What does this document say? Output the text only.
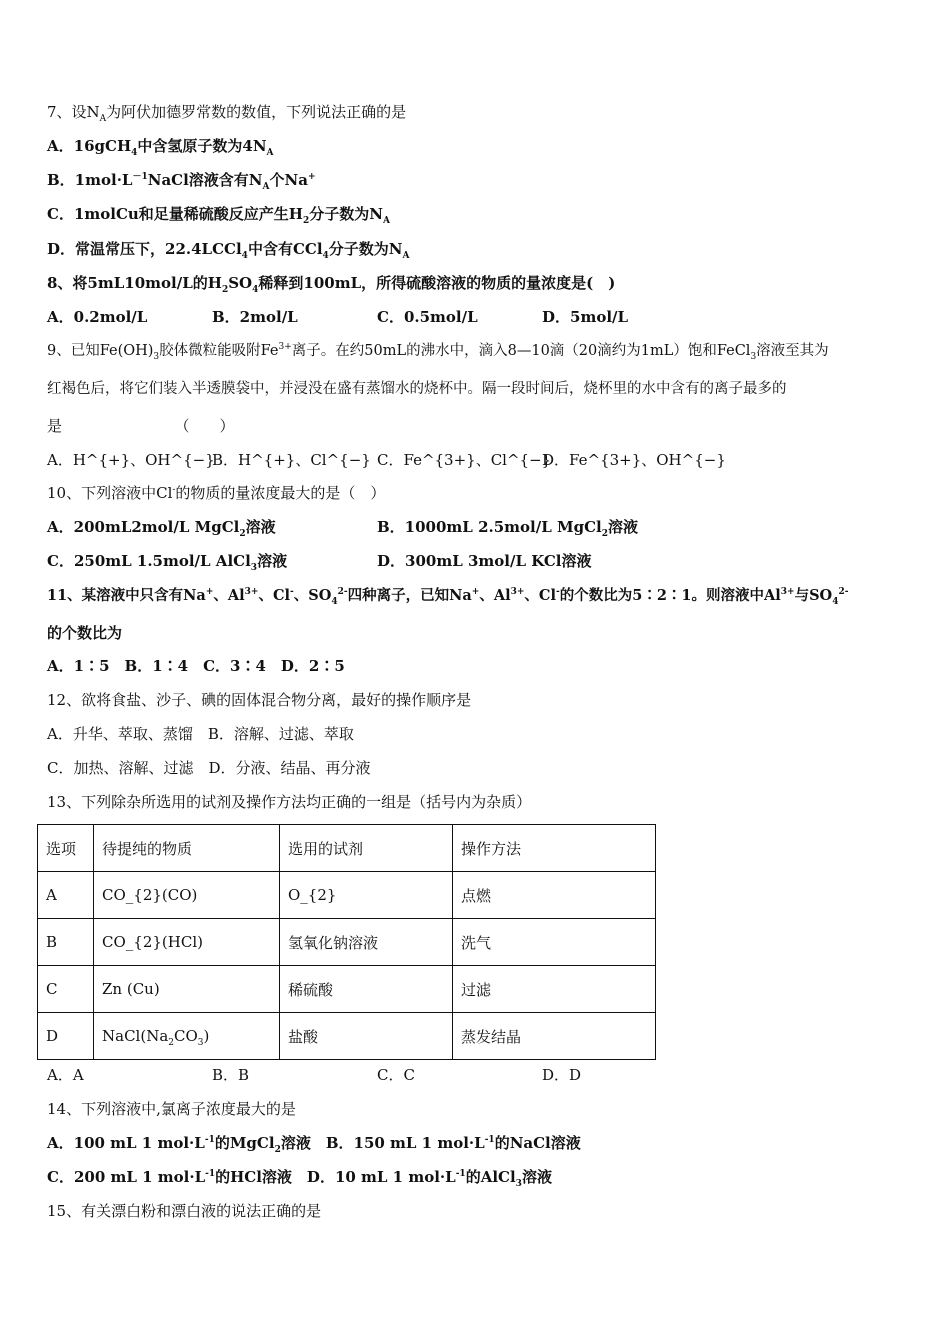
7、设$N_A$为阿伏加德罗常数的数值，下列说法正确的是
A．16gCH$_4$中含氢原子数为$4N_A$
B．$1mol\cdot L^{-1}NaCl$溶液含有$N_A$个Na+
C．1molCu和足量稀硫酸反应产生$H_2$分子数为$N_A$
D．常温常压下，22.4LCCl$_4$中含有CCl$_4$分子数为$N_A$
8、将5mL10mol/L的$H_2SO_4$稀释到100mL，所得硫酸溶液的物质的量浓度是(　)
A．0.2mol/L	B．2mol/L	C．0.5mol/L	D．5mol/L
9、已知$Fe(OH)_3$胶体微粒能吸附$Fe^{3+}$离子。在约50mL的沸水中，滴入8—10滴（20滴约为1mL）饱和FeCl$_3$溶液至其为
红褐色后，将它们装入半透膜袋中，并浸没在盛有蒸馏水的烧杯中。隔一段时间后，烧杯里的水中含有的离子最多的
是　　　　　　　　（　　）
A．H^{+}、OH^{−}
B．H^{+}、Cl^{−} C．Fe^{3+}、Cl^{−}
D．Fe^{3+}、OH^{−}
10、下列溶液中Cl-的物质的量浓度最大的是（　）
A．200mL2mol/L MgCl$_2$溶液	B．1000mL 2.5mol/L MgCl$_2$溶液
C．250mL 1.5mol/L AlCl$_3$溶液	D．300mL 3mol/L KCl溶液
11、某溶液中只含有Na+、$Al^{3+}$、Cl-、$SO_4^{2-}$四种离子，已知Na+、$Al^{3+}$、Cl-的个数比为5∶2∶1。则溶液中$Al^{3+}$与$SO_4^{2-}$
的个数比为
A．1∶5　B．1∶4　C．3∶4　D．2∶5
12、欲将食盐、沙子、碘的固体混合物分离，最好的操作顺序是
A．升华、萃取、蒸馏　B．溶解、过滤、萃取
C．加热、溶解、过滤　D．分液、结晶、再分液
13、下列除杂所选用的试剂及操作方法均正确的一组是（括号内为杂质）
选项	待提纯的物质	选用的试剂	操作方法
A	CO_{2}(CO)	O_{2}	点燃
B	CO_{2}(HCl)	氢氧化钠溶液	洗气
C	Zn (Cu)	稀硫酸	过滤
D	$NaCl(Na_2CO_3)$	盐酸	蒸发结晶
A．A	B．B	C．C	D．D
14、下列溶液中,氯离子浓度最大的是
A．100 mL 1 $mol\cdot L^{-1}$的MgCl$_2$溶液　B．150 mL 1 $mol\cdot L^{-1}$的NaCl溶液
C．200 mL 1 $mol\cdot L^{-1}$的HCl溶液　D．10 mL 1 $mol\cdot L^{-1}$的AlCl$_3$溶液
15、有关漂白粉和漂白液的说法正确的是
